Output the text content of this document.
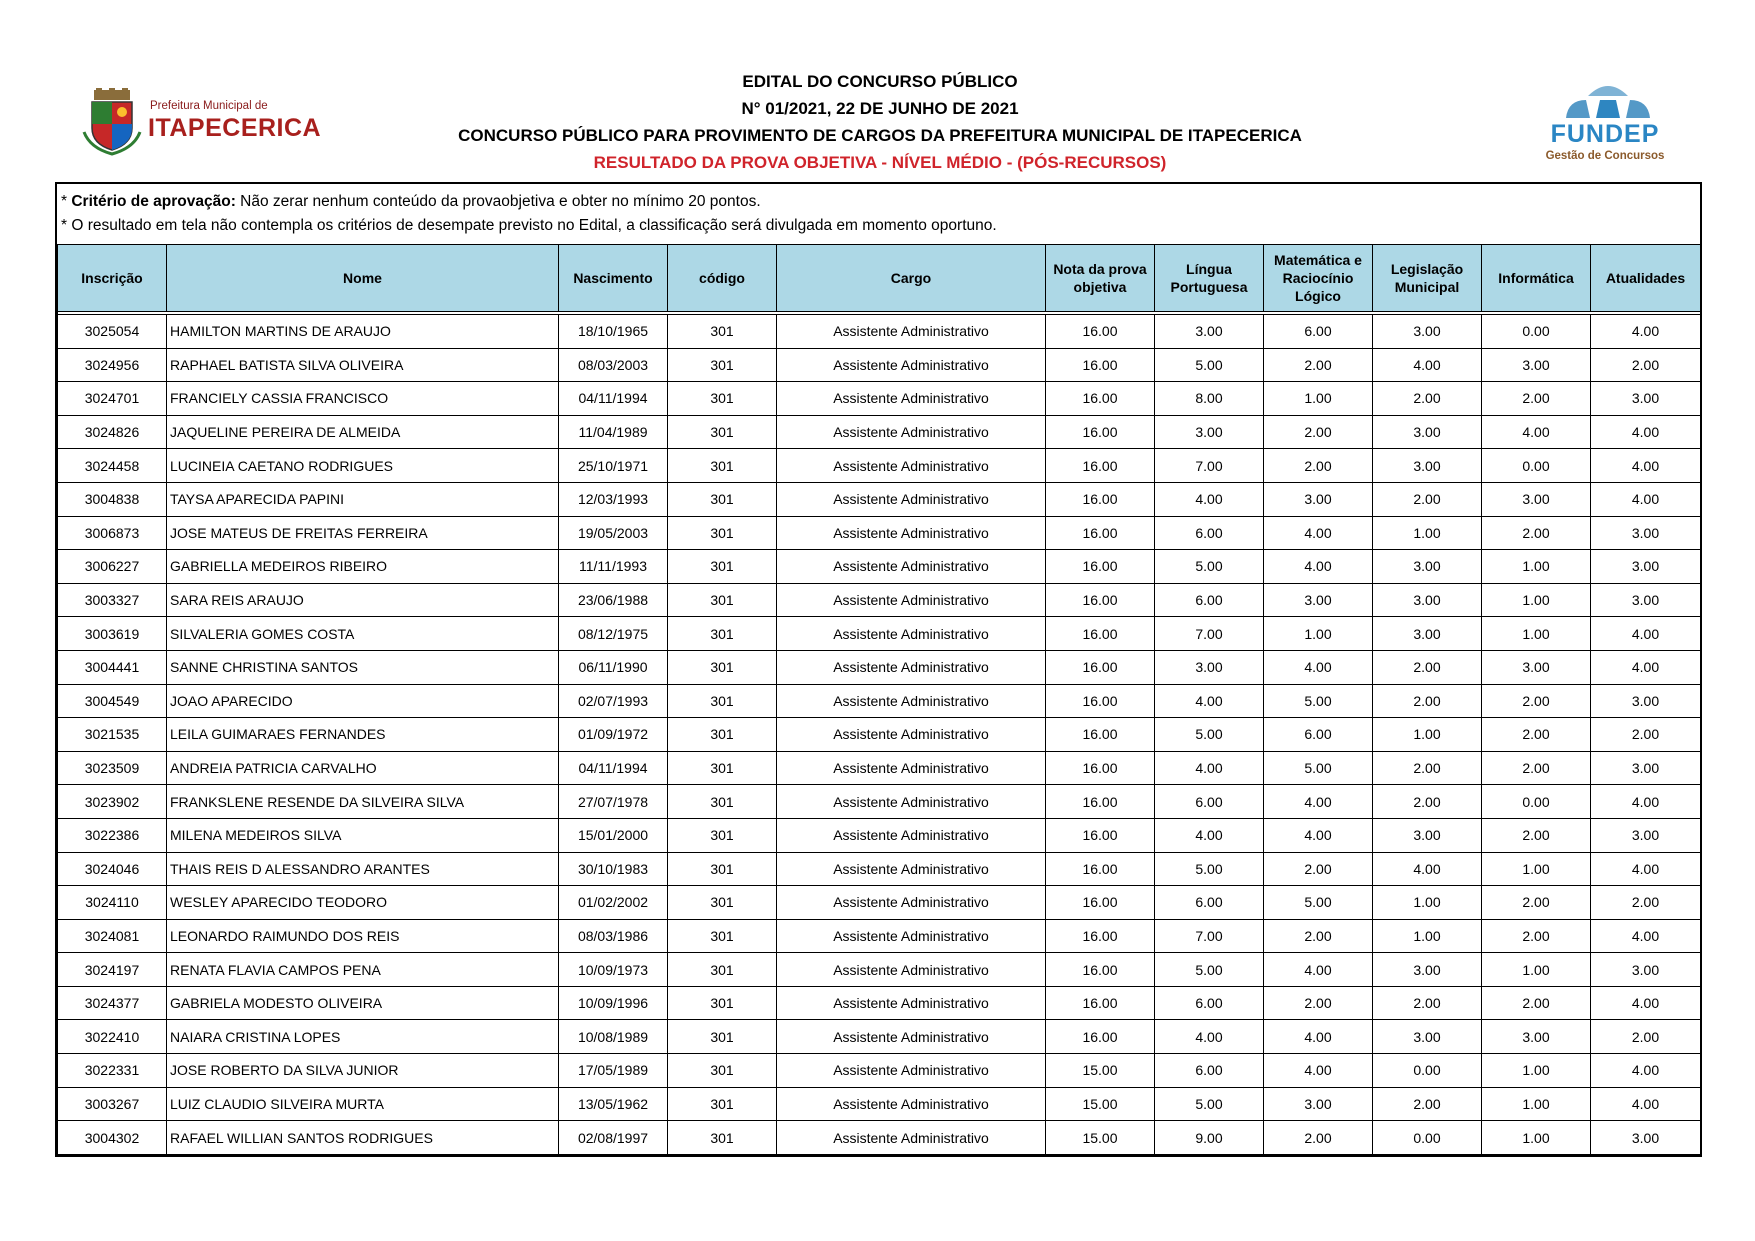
Prefeitura Municipal de
ITAPECERICA
EDITAL DO CONCURSO PÚBLICO
N° 01/2021, 22 DE JUNHO DE 2021
CONCURSO PÚBLICO PARA PROVIMENTO DE CARGOS DA PREFEITURA MUNICIPAL DE ITAPECERICA
RESULTADO DA PROVA OBJETIVA - NÍVEL MÉDIO - (PÓS-RECURSOS)
FUNDEP
Gestão de Concursos
* Critério de aprovação: Não zerar nenhum conteúdo da provaobjetiva e obter no mínimo 20 pontos.
* O resultado em tela não contempla os critérios de desempate previsto no Edital, a classificação será divulgada em momento oportuno.
Inscrição	Nome	Nascimento	código	Cargo	Nota da prova objetiva	Língua Portuguesa	Matemática e Raciocínio Lógico	Legislação Municipal	Informática	Atualidades

3025054	HAMILTON MARTINS DE ARAUJO	18/10/1965	301	Assistente Administrativo	16.00	3.00	6.00	3.00	0.00	4.00
3024956	RAPHAEL BATISTA SILVA OLIVEIRA	08/03/2003	301	Assistente Administrativo	16.00	5.00	2.00	4.00	3.00	2.00
3024701	FRANCIELY CASSIA FRANCISCO	04/11/1994	301	Assistente Administrativo	16.00	8.00	1.00	2.00	2.00	3.00
3024826	JAQUELINE PEREIRA DE ALMEIDA	11/04/1989	301	Assistente Administrativo	16.00	3.00	2.00	3.00	4.00	4.00
3024458	LUCINEIA CAETANO RODRIGUES	25/10/1971	301	Assistente Administrativo	16.00	7.00	2.00	3.00	0.00	4.00
3004838	TAYSA APARECIDA PAPINI	12/03/1993	301	Assistente Administrativo	16.00	4.00	3.00	2.00	3.00	4.00
3006873	JOSE MATEUS DE FREITAS FERREIRA	19/05/2003	301	Assistente Administrativo	16.00	6.00	4.00	1.00	2.00	3.00
3006227	GABRIELLA MEDEIROS RIBEIRO	11/11/1993	301	Assistente Administrativo	16.00	5.00	4.00	3.00	1.00	3.00
3003327	SARA REIS ARAUJO	23/06/1988	301	Assistente Administrativo	16.00	6.00	3.00	3.00	1.00	3.00
3003619	SILVALERIA GOMES COSTA	08/12/1975	301	Assistente Administrativo	16.00	7.00	1.00	3.00	1.00	4.00
3004441	SANNE CHRISTINA SANTOS	06/11/1990	301	Assistente Administrativo	16.00	3.00	4.00	2.00	3.00	4.00
3004549	JOAO APARECIDO	02/07/1993	301	Assistente Administrativo	16.00	4.00	5.00	2.00	2.00	3.00
3021535	LEILA GUIMARAES FERNANDES	01/09/1972	301	Assistente Administrativo	16.00	5.00	6.00	1.00	2.00	2.00
3023509	ANDREIA PATRICIA CARVALHO	04/11/1994	301	Assistente Administrativo	16.00	4.00	5.00	2.00	2.00	3.00
3023902	FRANKSLENE RESENDE DA SILVEIRA SILVA	27/07/1978	301	Assistente Administrativo	16.00	6.00	4.00	2.00	0.00	4.00
3022386	MILENA MEDEIROS SILVA	15/01/2000	301	Assistente Administrativo	16.00	4.00	4.00	3.00	2.00	3.00
3024046	THAIS REIS D ALESSANDRO ARANTES	30/10/1983	301	Assistente Administrativo	16.00	5.00	2.00	4.00	1.00	4.00
3024110	WESLEY APARECIDO TEODORO	01/02/2002	301	Assistente Administrativo	16.00	6.00	5.00	1.00	2.00	2.00
3024081	LEONARDO RAIMUNDO DOS REIS	08/03/1986	301	Assistente Administrativo	16.00	7.00	2.00	1.00	2.00	4.00
3024197	RENATA FLAVIA CAMPOS PENA	10/09/1973	301	Assistente Administrativo	16.00	5.00	4.00	3.00	1.00	3.00
3024377	GABRIELA MODESTO OLIVEIRA	10/09/1996	301	Assistente Administrativo	16.00	6.00	2.00	2.00	2.00	4.00
3022410	NAIARA CRISTINA LOPES	10/08/1989	301	Assistente Administrativo	16.00	4.00	4.00	3.00	3.00	2.00
3022331	JOSE ROBERTO DA SILVA JUNIOR	17/05/1989	301	Assistente Administrativo	15.00	6.00	4.00	0.00	1.00	4.00
3003267	LUIZ CLAUDIO SILVEIRA MURTA	13/05/1962	301	Assistente Administrativo	15.00	5.00	3.00	2.00	1.00	4.00
3004302	RAFAEL WILLIAN SANTOS RODRIGUES	02/08/1997	301	Assistente Administrativo	15.00	9.00	2.00	0.00	1.00	3.00
